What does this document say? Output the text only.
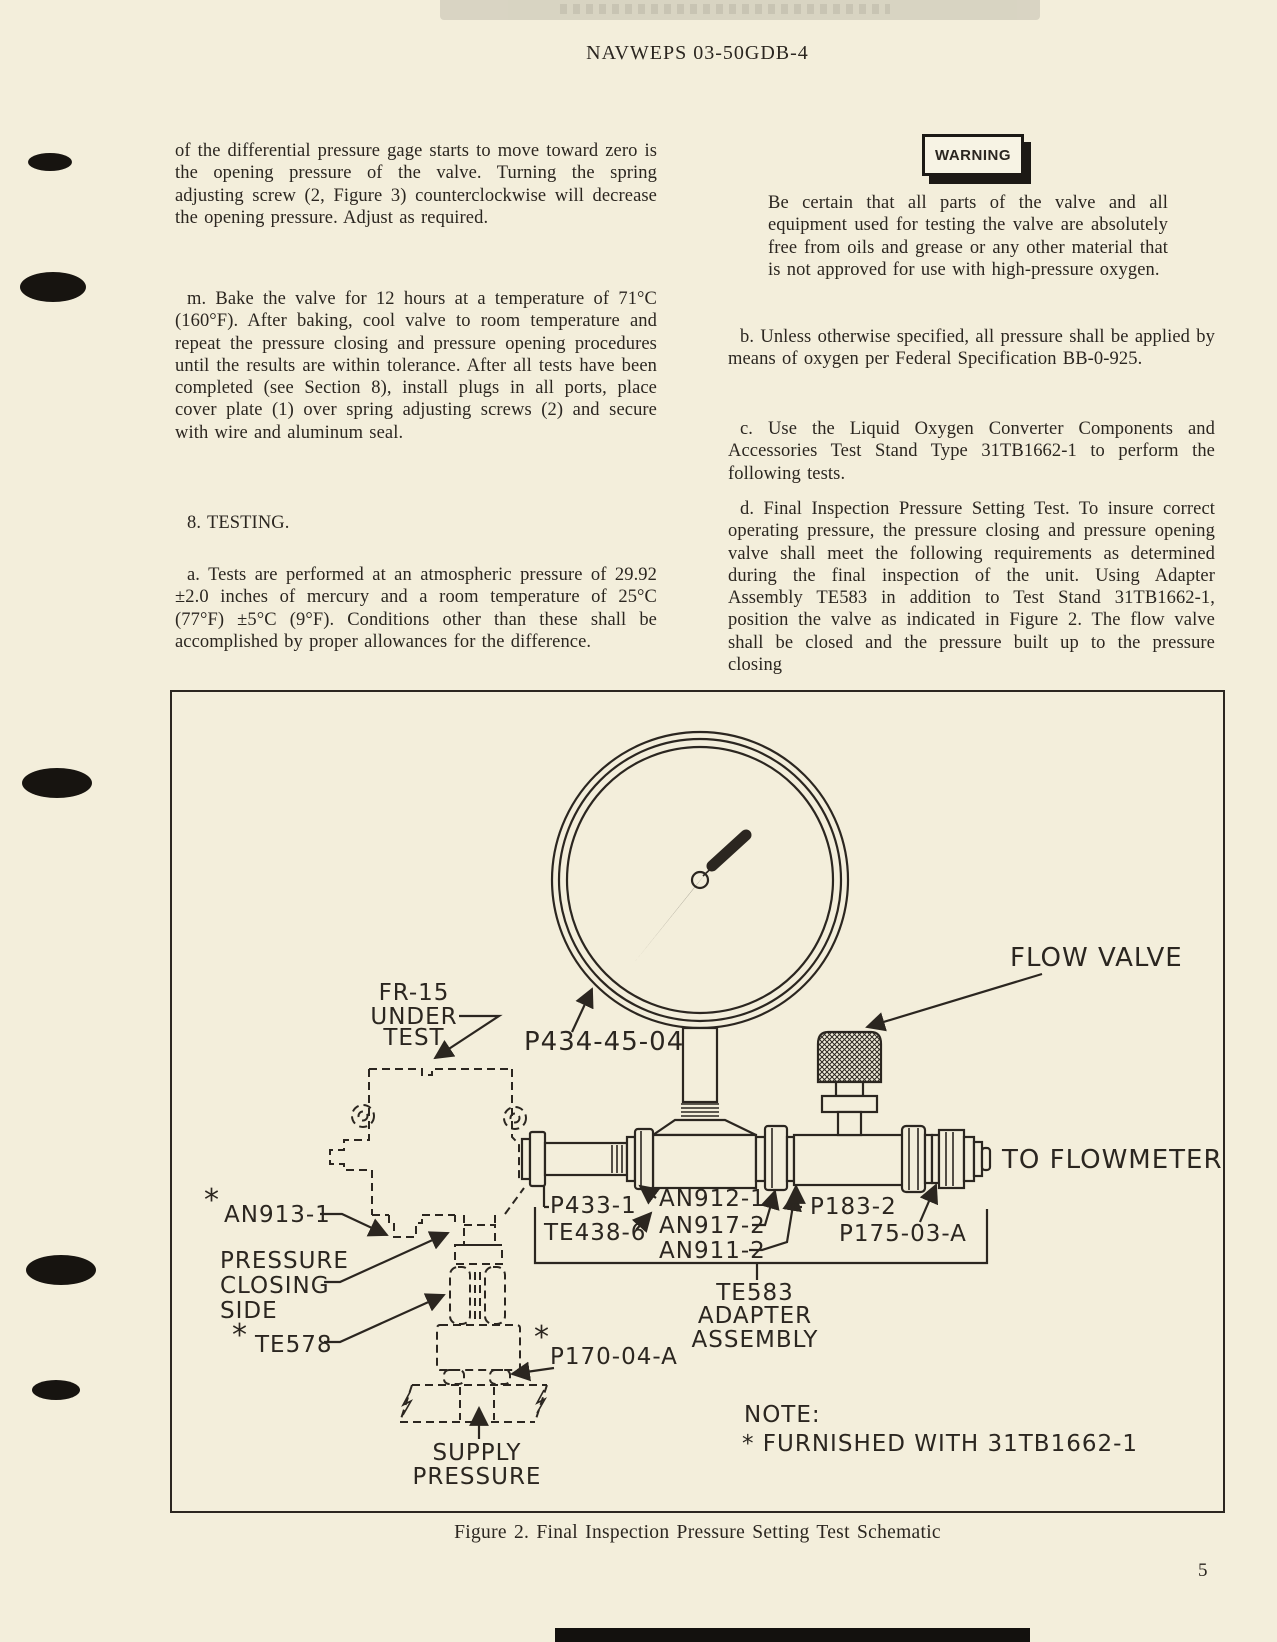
NAVWEPS 03-50GDB-4
of the differential pressure gage starts to move toward zero is the opening pressure of the valve. Turning the spring adjusting screw (2, Figure 3) counterclockwise will decrease the opening pressure. Adjust as required.
m. Bake the valve for 12 hours at a temperature of 71°C (160°F). After baking, cool valve to room temperature and repeat the pressure closing and pressure opening procedures until the results are within tolerance. After all tests have been completed (see Section 8), install plugs in all ports, place cover plate (1) over spring adjusting screws (2) and secure with wire and aluminum seal.
8. TESTING.
a. Tests are performed at an atmospheric pressure of 29.92 ±2.0 inches of mercury and a room temperature of 25°C (77°F) ±5°C (9°F). Conditions other than these shall be accomplished by proper allowances for the difference.
WARNING
Be certain that all parts of the valve and all equipment used for testing the valve are absolutely free from oils and grease or any other material that is not approved for use with high-pressure oxygen.
b. Unless otherwise specified, all pressure shall be applied by means of oxygen per Federal Specification BB-0-925.
c. Use the Liquid Oxygen Converter Components and Accessories Test Stand Type 31TB1662-1 to perform the following tests.
d. Final Inspection Pressure Setting Test. To insure correct operating pressure, the pressure closing and pressure opening valve shall meet the following requirements as determined during the final inspection of the unit. Using Adapter Assembly TE583 in addition to Test Stand 31TB1662-1, position the valve as indicated in Figure 2. The flow valve shall be closed and the pressure built up to the pressure closing
FR-15
UNDER
TEST	P434-45-04
FLOW VALVE
TO FLOWMETER
* AN913-1
PRESSURE
CLOSING
SIDE
* TE578	*
P170-04-A
SUPPLY
PRESSURE
P433-1
TE438-6
AN912-1
AN917-2
AN911-2
P183-2
P175-03-A
TE583
ADAPTER
ASSEMBLY
NOTE:
* FURNISHED WITH 31TB1662-1
Figure 2. Final Inspection Pressure Setting Test Schematic
5
